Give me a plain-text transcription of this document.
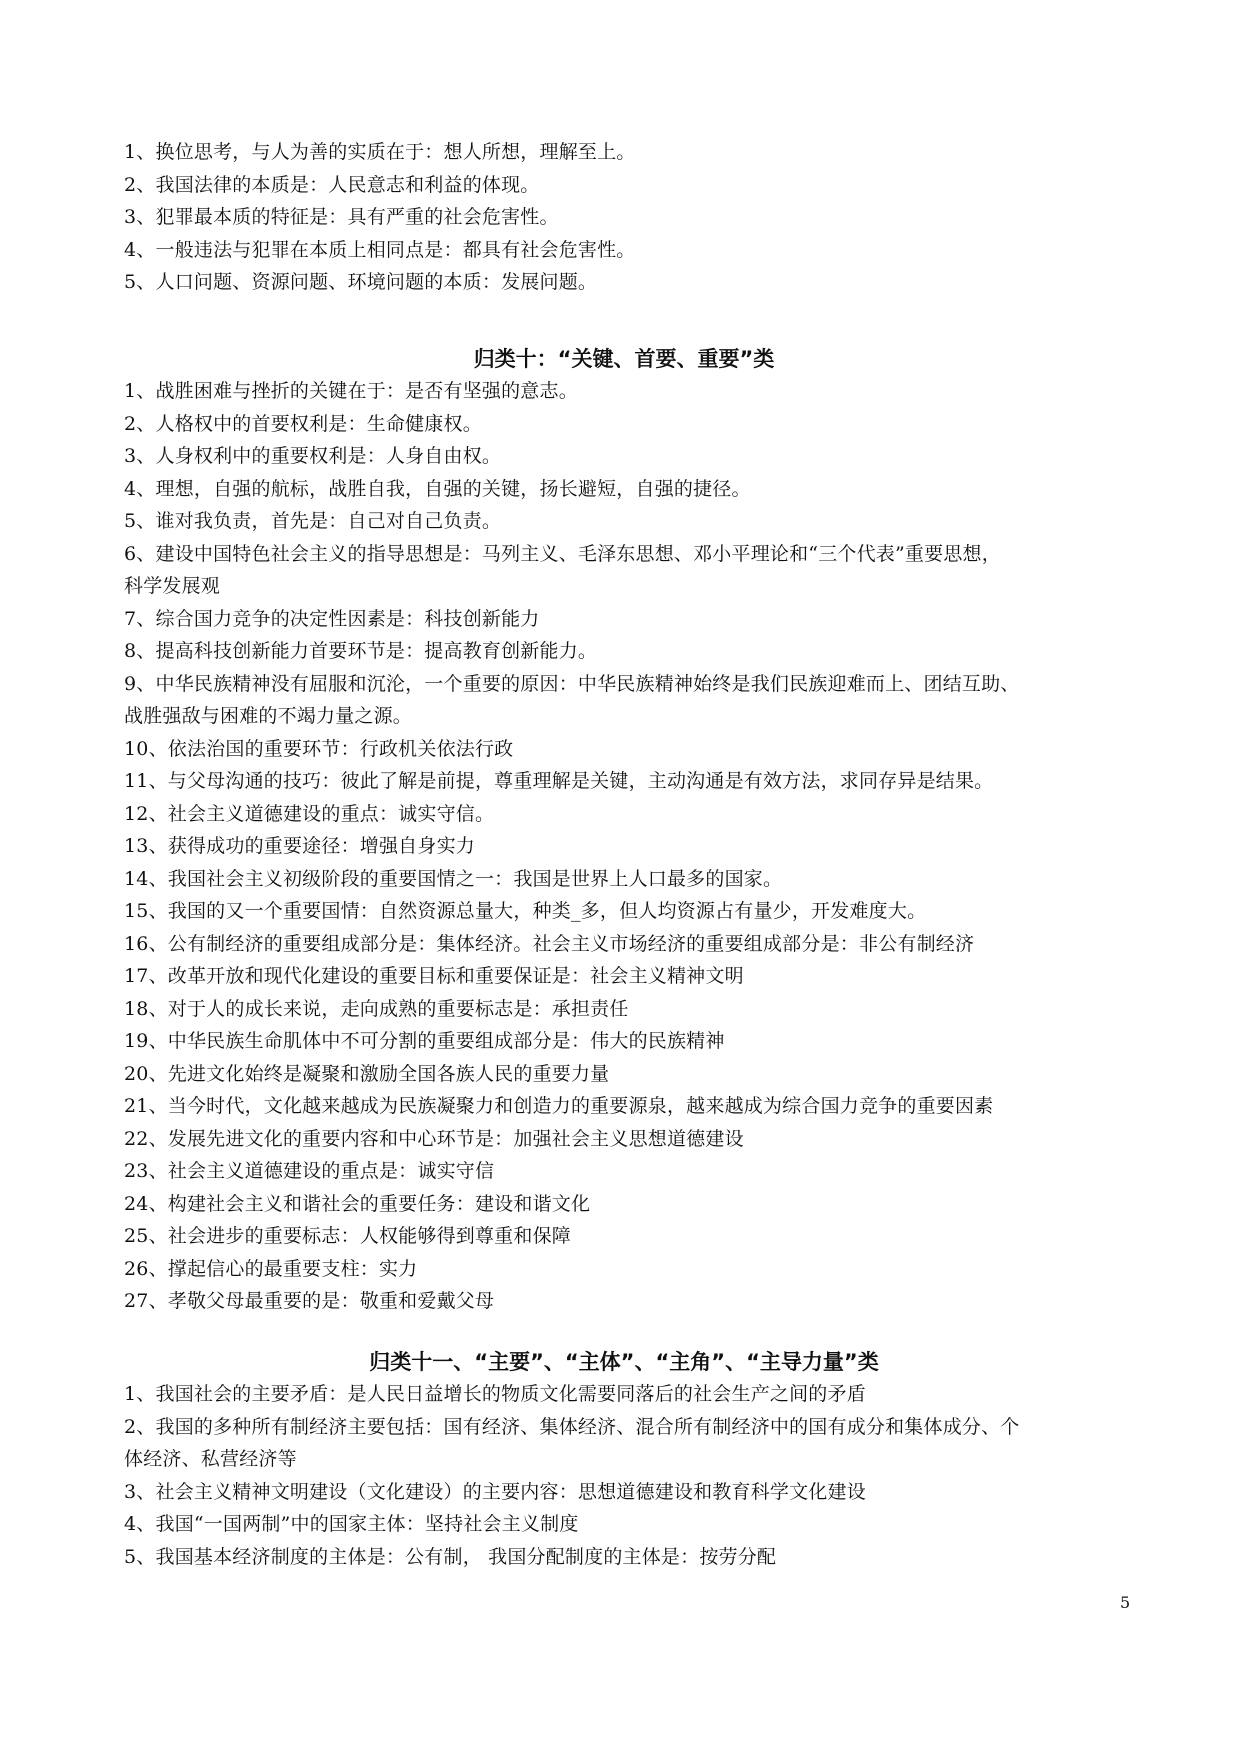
1、换位思考，与人为善的实质在于：想人所想，理解至上。
2、我国法律的本质是：人民意志和利益的体现。
3、犯罪最本质的特征是：具有严重的社会危害性。
4、一般违法与犯罪在本质上相同点是：都具有社会危害性。
5、人口问题、资源问题、环境问题的本质：发展问题。
归类十：“关键、首要、重要”类
1、战胜困难与挫折的关键在于：是否有坚强的意志。
2、人格权中的首要权利是：生命健康权。
3、人身权利中的重要权利是：人身自由权。
4、理想，自强的航标，战胜自我，自强的关键，扬长避短，自强的捷径。
5、谁对我负责，首先是：自己对自己负责。
6、建设中国特色社会主义的指导思想是：马列主义、毛泽东思想、邓小平理论和“三个代表”重要思想，
科学发展观
7、综合国力竞争的决定性因素是：科技创新能力
8、提高科技创新能力首要环节是：提高教育创新能力。
9、中华民族精神没有屈服和沉沦，一个重要的原因：中华民族精神始终是我们民族迎难而上、团结互助、
战胜强敌与困难的不竭力量之源。
10、依法治国的重要环节：行政机关依法行政
11、与父母沟通的技巧：彼此了解是前提，尊重理解是关键，主动沟通是有效方法，求同存异是结果。
12、社会主义道德建设的重点：诚实守信。
13、获得成功的重要途径：增强自身实力
14、我国社会主义初级阶段的重要国情之一：我国是世界上人口最多的国家。
15、我国的又一个重要国情：自然资源总量大，种类_多，但人均资源占有量少，开发难度大。
16、公有制经济的重要组成部分是：集体经济。社会主义市场经济的重要组成部分是：非公有制经济
17、改革开放和现代化建设的重要目标和重要保证是：社会主义精神文明
18、对于人的成长来说，走向成熟的重要标志是：承担责任
19、中华民族生命肌体中不可分割的重要组成部分是：伟大的民族精神
20、先进文化始终是凝聚和激励全国各族人民的重要力量
21、当今时代，文化越来越成为民族凝聚力和创造力的重要源泉，越来越成为综合国力竞争的重要因素
22、发展先进文化的重要内容和中心环节是：加强社会主义思想道德建设
23、社会主义道德建设的重点是：诚实守信
24、构建社会主义和谐社会的重要任务：建设和谐文化
25、社会进步的重要标志：人权能够得到尊重和保障
26、撑起信心的最重要支柱：实力
27、孝敬父母最重要的是：敬重和爱戴父母
归类十一、“主要”、“主体”、“主角”、“主导力量”类
1、我国社会的主要矛盾：是人民日益增长的物质文化需要同落后的社会生产之间的矛盾
2、我国的多种所有制经济主要包括：国有经济、集体经济、混合所有制经济中的国有成分和集体成分、个
体经济、私营经济等
3、社会主义精神文明建设（文化建设）的主要内容：思想道德建设和教育科学文化建设
4、我国“一国两制”中的国家主体：坚持社会主义制度
5、我国基本经济制度的主体是：公有制， 我国分配制度的主体是：按劳分配
5
